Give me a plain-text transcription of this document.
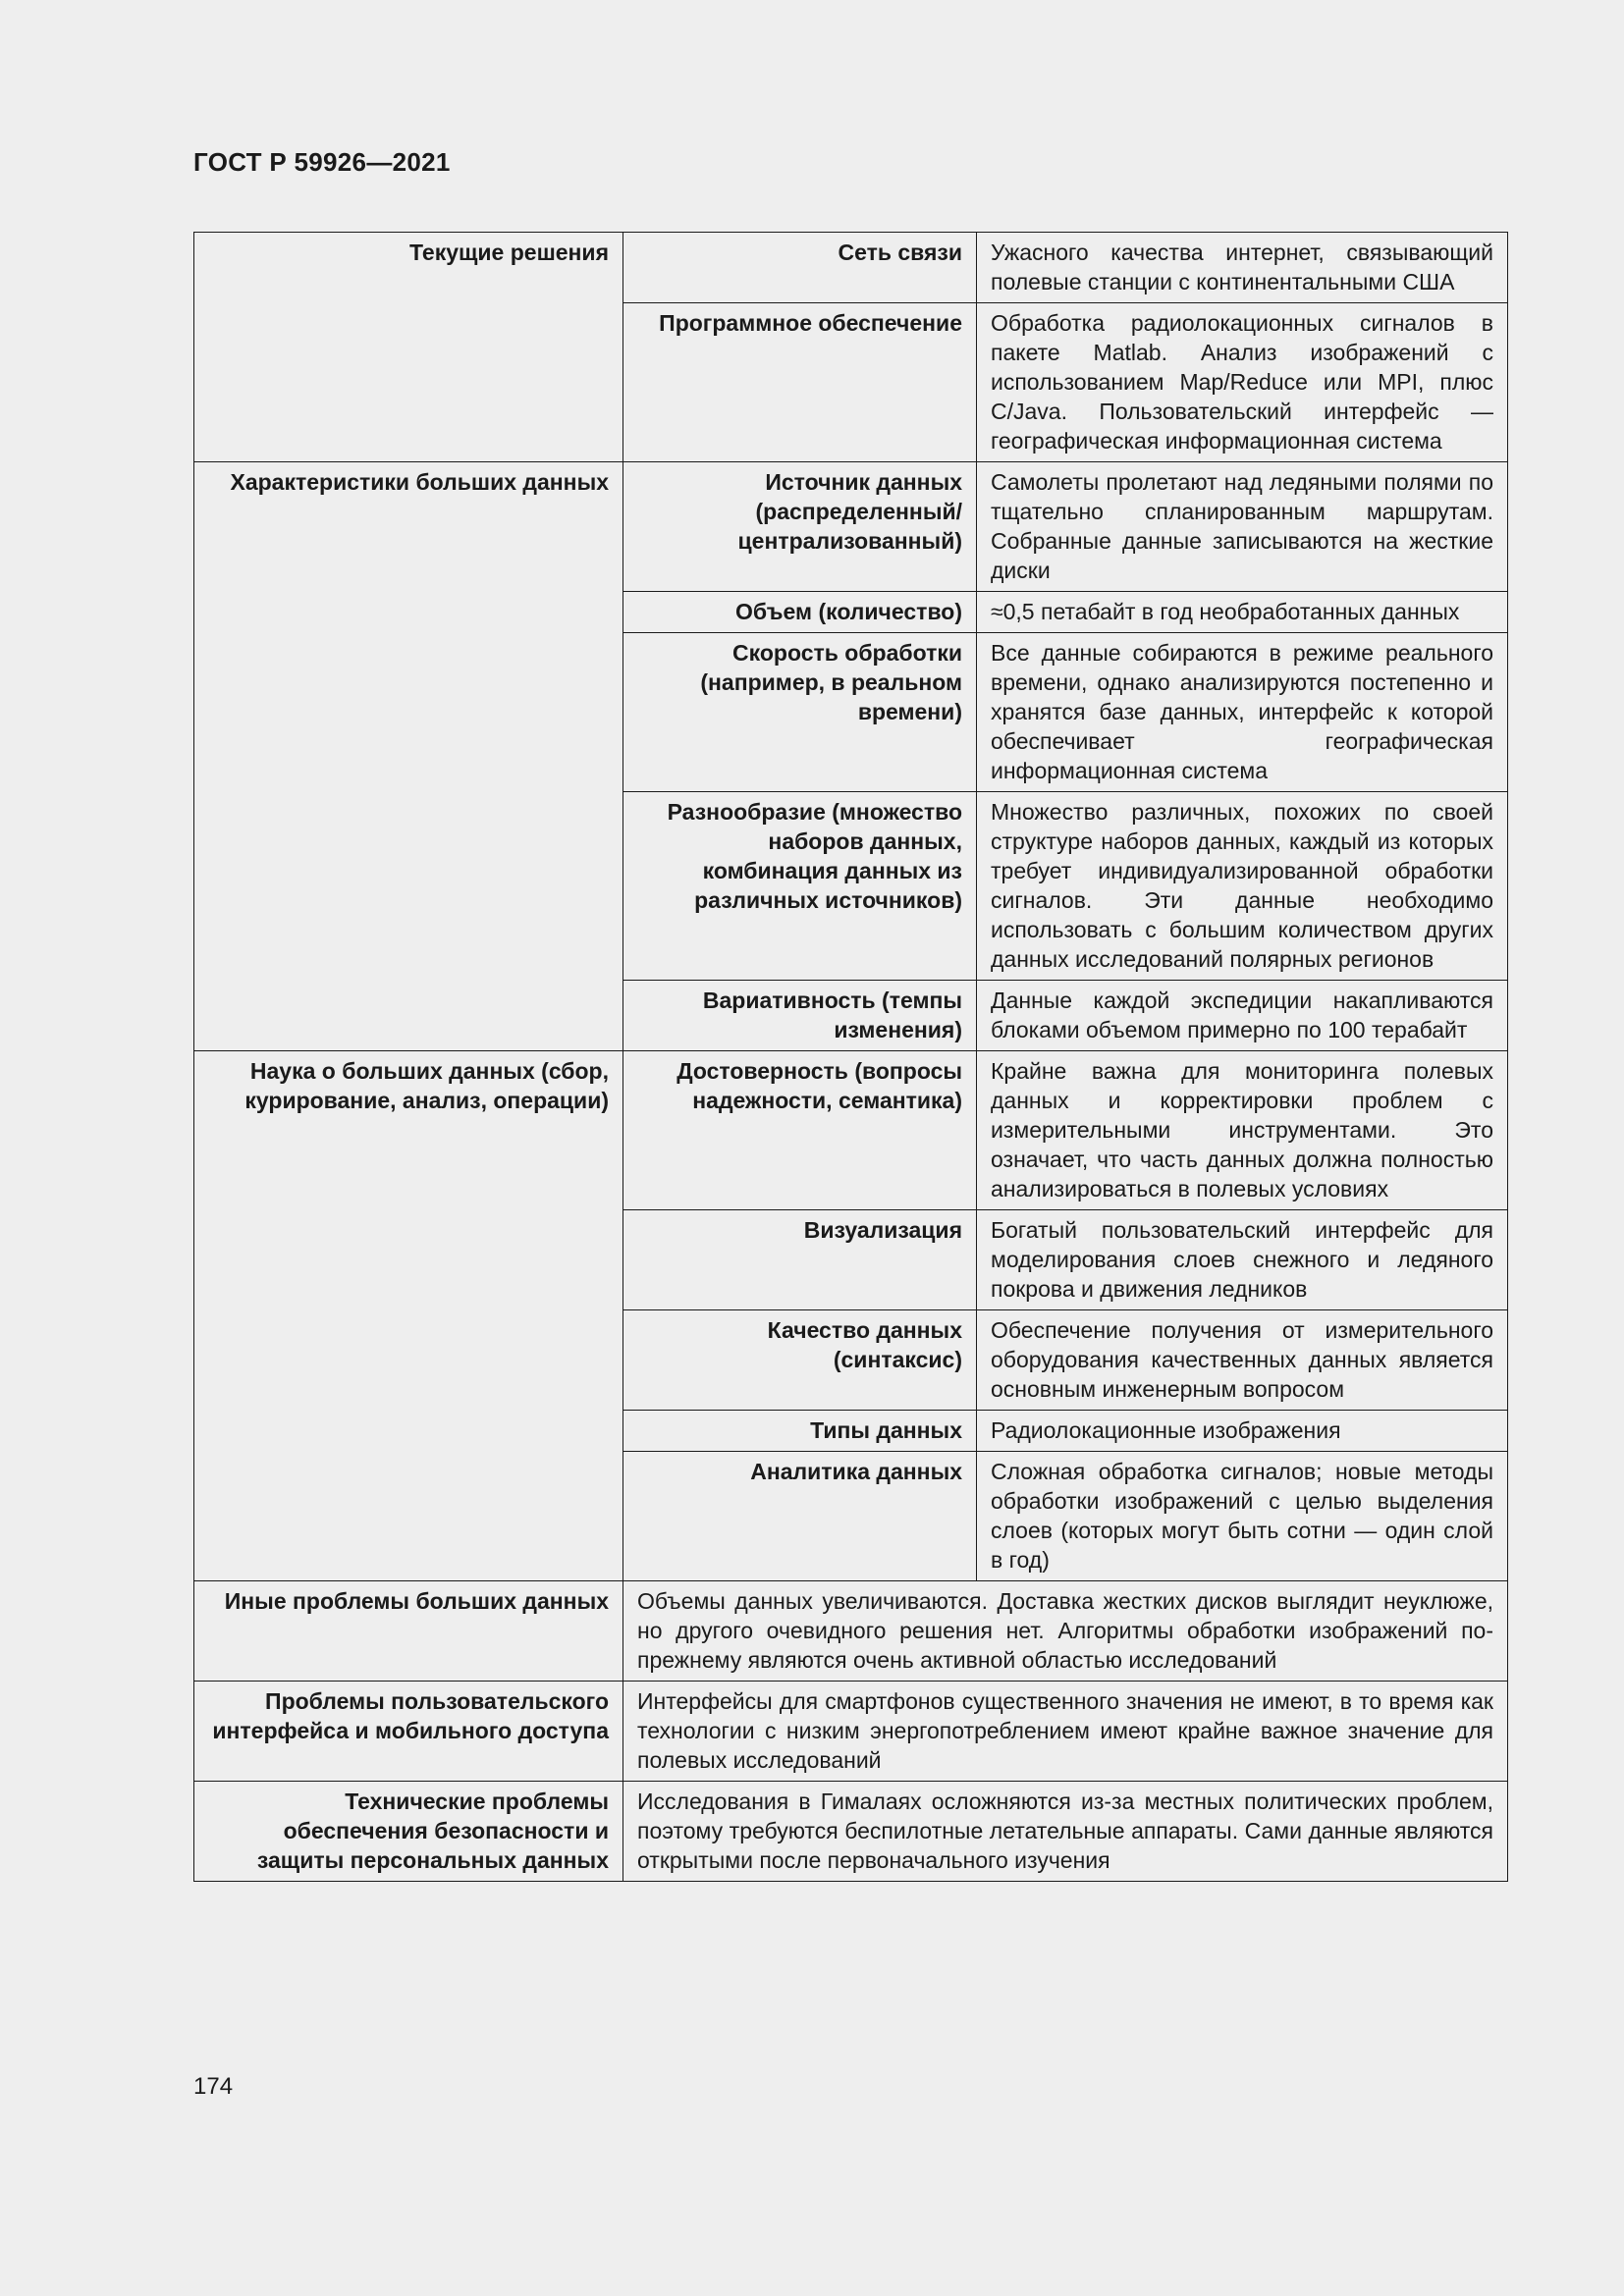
ГОСТ Р 59926—2021
Текущие решения	Сеть связи	Ужасного качества интернет, связывающий полевые станции с континентальными США
	Программное обеспечение	Обработка радиолокационных сигналов в пакете Matlab. Анализ изображений с использованием Map/Reduce или MPI, плюс C/Java. Пользовательский интерфейс — географическая информационная система
Характеристики больших данных	Источник данных (распределенный/ централизованный)	Самолеты пролетают над ледяными полями по тщательно спланированным маршрутам. Собранные данные записываются на жесткие диски
	Объем (количество)	≈0,5 петабайт в год необработанных данных
	Скорость обработки (например, в реальном времени)	Все данные собираются в режиме реального времени, однако анализируются постепенно и хранятся базе данных, интерфейс к которой обеспечивает географическая информационная система
	Разнообразие (множество наборов данных, комбинация данных из различных источников)	Множество различных, похожих по своей структуре наборов данных, каждый из которых требует индивидуализированной обработки сигналов. Эти данные необходимо использовать с большим количеством других данных исследований полярных регионов
	Вариативность (темпы изменения)	Данные каждой экспедиции накапливаются блоками объемом примерно по 100 терабайт
Наука о больших данных (сбор, курирование, анализ, операции)	Достоверность (вопросы надежности, семантика)	Крайне важна для мониторинга полевых данных и корректировки проблем с измерительными инструментами. Это означает, что часть данных должна полностью анализироваться в полевых условиях
	Визуализация	Богатый пользовательский интерфейс для моделирования слоев снежного и ледяного покрова и движения ледников
	Качество данных (синтаксис)	Обеспечение получения от измерительного оборудования качественных данных является основным инженерным вопросом
	Типы данных	Радиолокационные изображения
	Аналитика данных	Сложная обработка сигналов; новые методы обработки изображений с целью выделения слоев (которых могут быть сотни — один слой в год)
Иные проблемы больших данных	Объемы данных увеличиваются. Доставка жестких дисков выглядит неуклюже, но другого очевидного решения нет. Алгоритмы обработки изображений по-прежнему являются очень активной областью исследований	
Проблемы пользовательского интерфейса и мобильного доступа	Интерфейсы для смартфонов существенного значения не имеют, в то время как технологии с низким энергопотреблением имеют крайне важное значение для полевых исследований	
Технические проблемы обеспечения безопасности и защиты персональных данных	Исследования в Гималаях осложняются из-за местных политических проблем, поэтому требуются беспилотные летательные аппараты. Сами данные являются открытыми после первоначального изучения	
174
